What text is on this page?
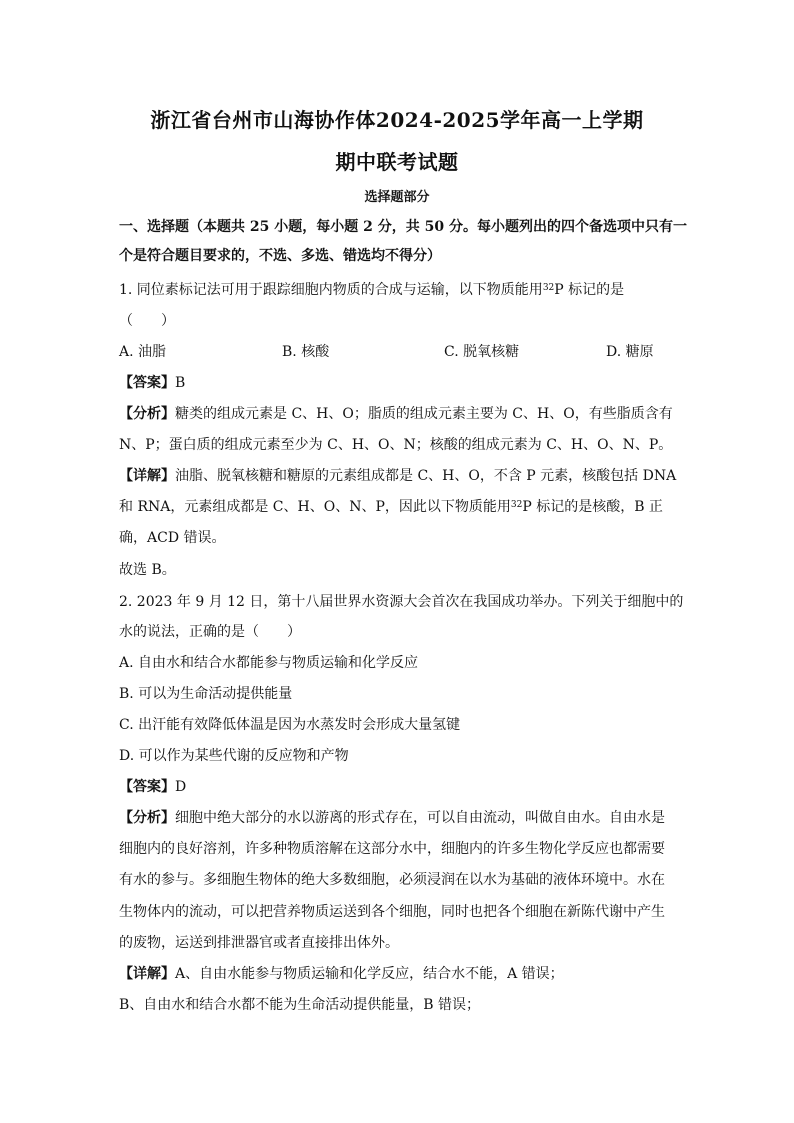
浙江省台州市山海协作体2024-2025学年高一上学期
期中联考试题
选择题部分
一、选择题（本题共 25 小题，每小题 2 分，共 50 分。每小题列出的四个备选项中只有一
个是符合题目要求的，不选、多选、错选均不得分）
1. 同位素标记法可用于跟踪细胞内物质的合成与运输，以下物质能用$^{32}$P 标记的是
（　　）
A. 油脂	B. 核酸	C. 脱氧核糖	D. 糖原
【答案】B
【分析】糖类的组成元素是 C、H、O；脂质的组成元素主要为 C、H、O，有些脂质含有
N、P；蛋白质的组成元素至少为 C、H、O、N；核酸的组成元素为 C、H、O、N、P。
【详解】油脂、脱氧核糖和糖原的元素组成都是 C、H、O，不含 P 元素，核酸包括 DNA
和 RNA，元素组成都是 C、H、O、N、P，因此以下物质能用$^{32}$P 标记的是核酸，B 正
确，ACD 错误。
故选 B。
2. 2023 年 9 月 12 日，第十八届世界水资源大会首次在我国成功举办。下列关于细胞中的
水的说法，正确的是（　　）
A. 自由水和结合水都能参与物质运输和化学反应
B. 可以为生命活动提供能量
C. 出汗能有效降低体温是因为水蒸发时会形成大量氢键
D. 可以作为某些代谢的反应物和产物
【答案】D
【分析】细胞中绝大部分的水以游离的形式存在，可以自由流动，叫做自由水。自由水是
细胞内的良好溶剂，许多种物质溶解在这部分水中，细胞内的许多生物化学反应也都需要
有水的参与。多细胞生物体的绝大多数细胞，必须浸润在以水为基础的液体环境中。水在
生物体内的流动，可以把营养物质运送到各个细胞，同时也把各个细胞在新陈代谢中产生
的废物，运送到排泄器官或者直接排出体外。
【详解】A、自由水能参与物质运输和化学反应，结合水不能，A 错误；
B、自由水和结合水都不能为生命活动提供能量，B 错误；
